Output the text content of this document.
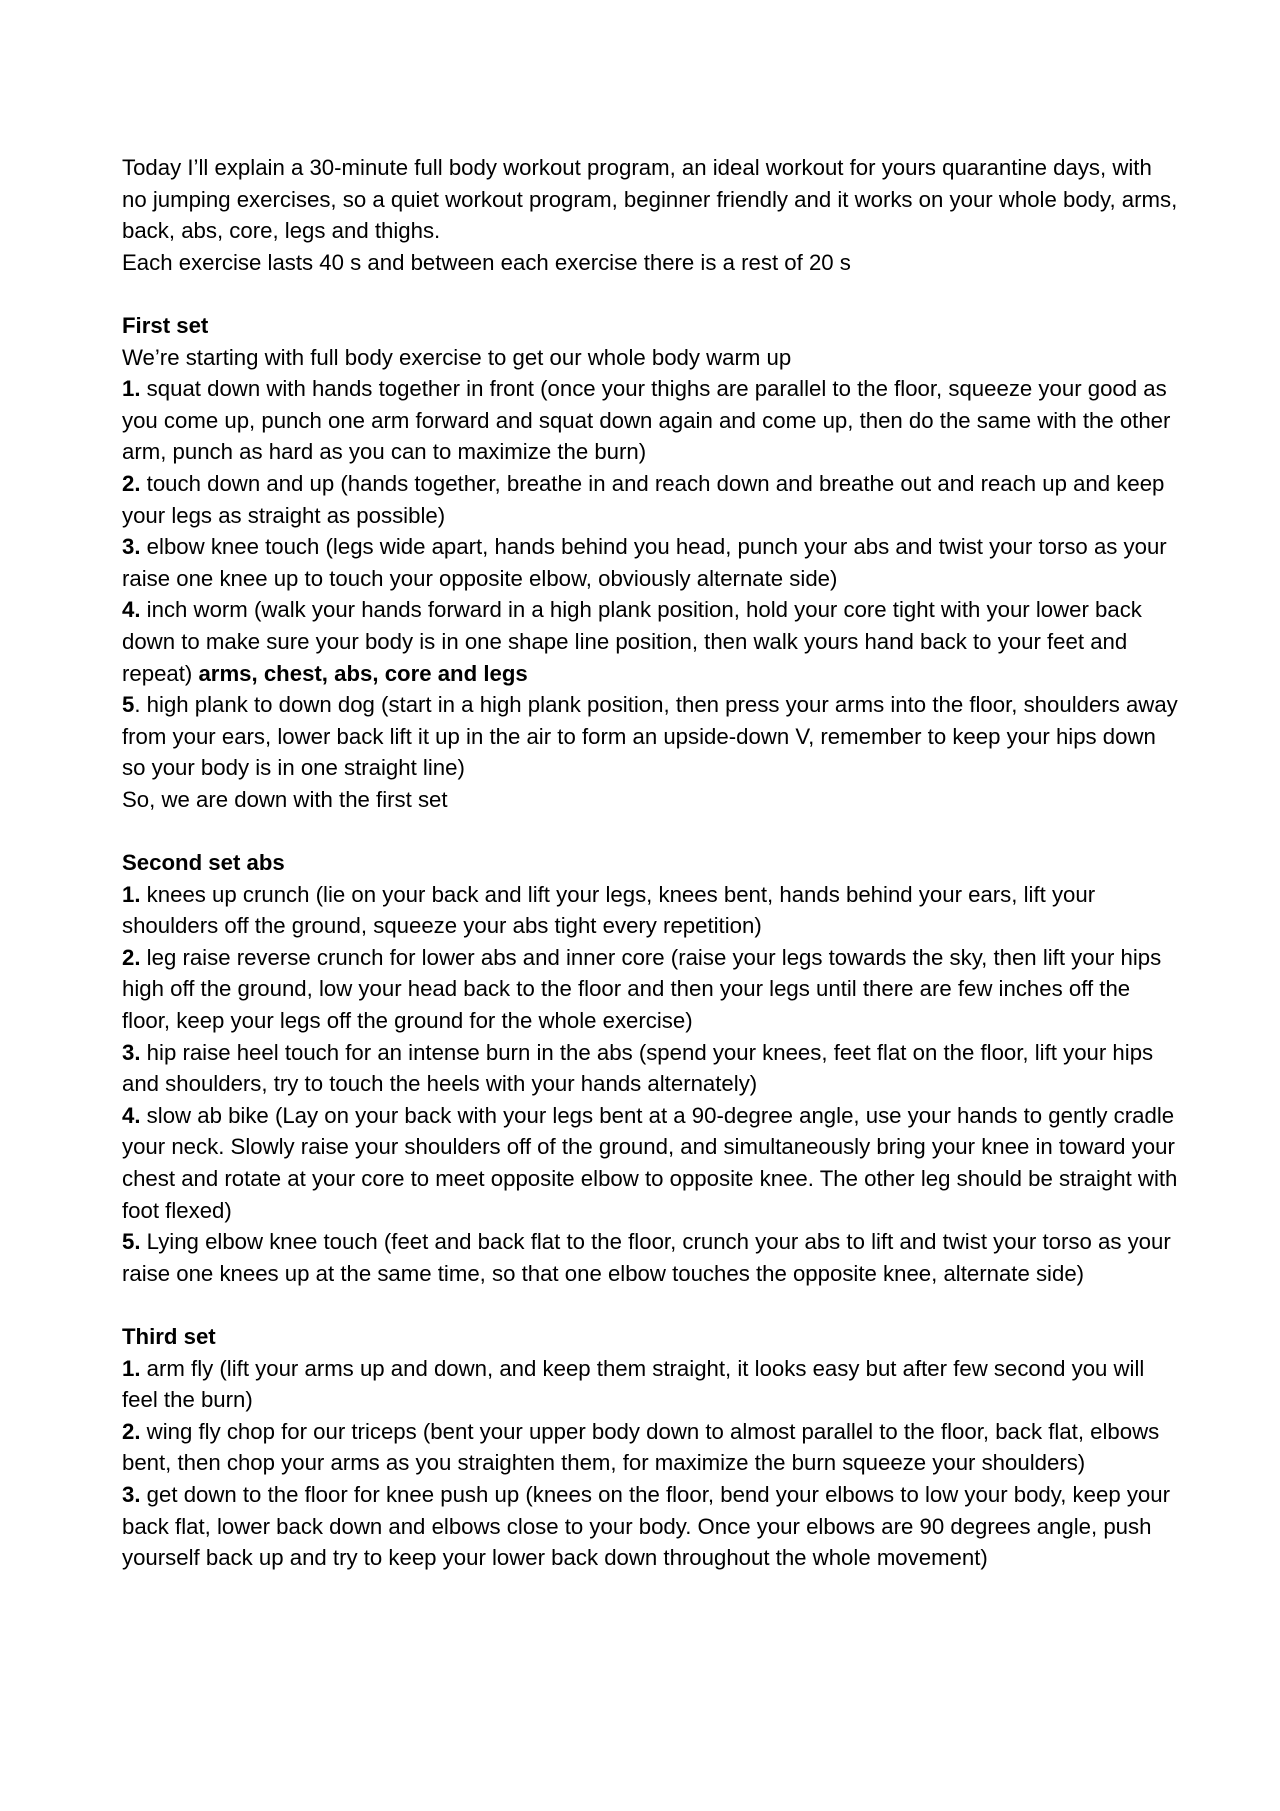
Today I’ll explain a 30-minute full body workout program, an ideal workout for yours quarantine days, with no jumping exercises, so a quiet workout program, beginner friendly and it works on your whole body, arms, back, abs, core, legs and thighs.

Each exercise lasts 40 s and between each exercise there is a rest of 20 s

First set

We’re starting with full body exercise to get our whole body warm up

1. squat down with hands together in front (once your thighs are parallel to the floor, squeeze your good as you come up, punch one arm forward and squat down again and come up, then do the same with the other arm, punch as hard as you can to maximize the burn)

2. touch down and up (hands together, breathe in and reach down and breathe out and reach up and keep your legs as straight as possible)

3. elbow knee touch (legs wide apart, hands behind you head, punch your abs and twist your torso as your raise one knee up to touch your opposite elbow, obviously alternate side)

4. inch worm (walk your hands forward in a high plank position, hold your core tight with your lower back down to make sure your body is in one shape line position, then walk yours hand back to your feet and repeat) arms, chest, abs, core and legs

5. high plank to down dog (start in a high plank position, then press your arms into the floor, shoulders away from your ears, lower back lift it up in the air to form an upside-down V, remember to keep your hips down so your body is in one straight line)

So, we are down with the first set

Second set abs

1. knees up crunch (lie on your back and lift your legs, knees bent, hands behind your ears, lift your shoulders off the ground, squeeze your abs tight every repetition)

2. leg raise reverse crunch for lower abs and inner core (raise your legs towards the sky, then lift your hips high off the ground, low your head back to the floor and then your legs until there are few inches off the floor, keep your legs off the ground for the whole exercise)

3. hip raise heel touch for an intense burn in the abs (spend your knees, feet flat on the floor, lift your hips and shoulders, try to touch the heels with your hands alternately)

4. slow ab bike (Lay on your back with your legs bent at a 90-degree angle, use your hands to gently cradle your neck. Slowly raise your shoulders off of the ground, and simultaneously bring your knee in toward your chest and rotate at your core to meet opposite elbow to opposite knee. The other leg should be straight with foot flexed)

5. Lying elbow knee touch (feet and back flat to the floor, crunch your abs to lift and twist your torso as your raise one knees up at the same time, so that one elbow touches the opposite knee, alternate side)

Third set

1. arm fly (lift your arms up and down, and keep them straight, it looks easy but after few second you will feel the burn)

2. wing fly chop for our triceps (bent your upper body down to almost parallel to the floor, back flat, elbows bent, then chop your arms as you straighten them, for maximize the burn squeeze your shoulders)

3. get down to the floor for knee push up (knees on the floor, bend your elbows to low your body, keep your back flat, lower back down and elbows close to your body. Once your elbows are 90 degrees angle, push yourself back up and try to keep your lower back down throughout the whole movement)
